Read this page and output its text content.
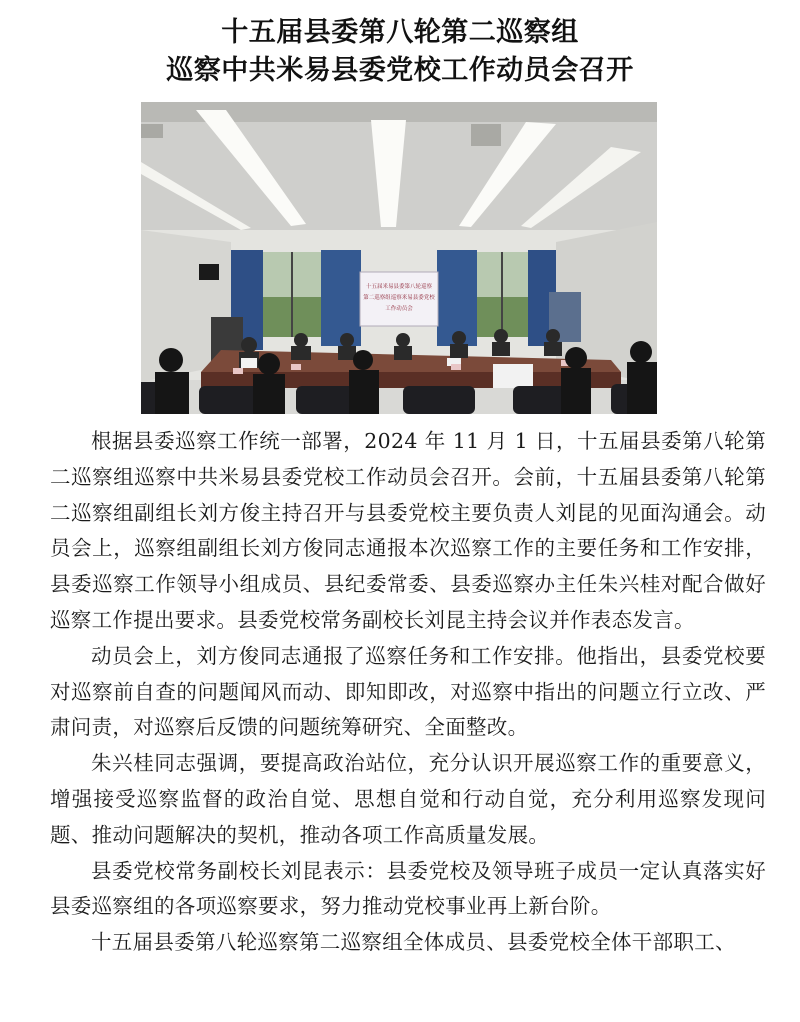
十五届县委第八轮第二巡察组
巡察中共米易县委党校工作动员会召开
十五届米易县委第八轮巡察
第二巡察组巡察米易县委党校
工作动员会

根据县委巡察工作统一部署，2024 年 11 月 1 日，十五届县委第八轮第二巡察组巡察中共米易县委党校工作动员会召开。会前，十五届县委第八轮第二巡察组副组长刘方俊主持召开与县委党校主要负责人刘昆的见面沟通会。动员会上，巡察组副组长刘方俊同志通报本次巡察工作的主要任务和工作安排，县委巡察工作领导小组成员、县纪委常委、县委巡察办主任朱兴桂对配合做好巡察工作提出要求。县委党校常务副校长刘昆主持会议并作表态发言。

动员会上，刘方俊同志通报了巡察任务和工作安排。他指出，县委党校要对巡察前自查的问题闻风而动、即知即改，对巡察中指出的问题立行立改、严肃问责，对巡察后反馈的问题统筹研究、全面整改。

朱兴桂同志强调，要提高政治站位，充分认识开展巡察工作的重要意义，增强接受巡察监督的政治自觉、思想自觉和行动自觉，充分利用巡察发现问题、推动问题解决的契机，推动各项工作高质量发展。

县委党校常务副校长刘昆表示：县委党校及领导班子成员一定认真落实好县委巡察组的各项巡察要求，努力推动党校事业再上新台阶。

十五届县委第八轮巡察第二巡察组全体成员、县委党校全体干部职工、
